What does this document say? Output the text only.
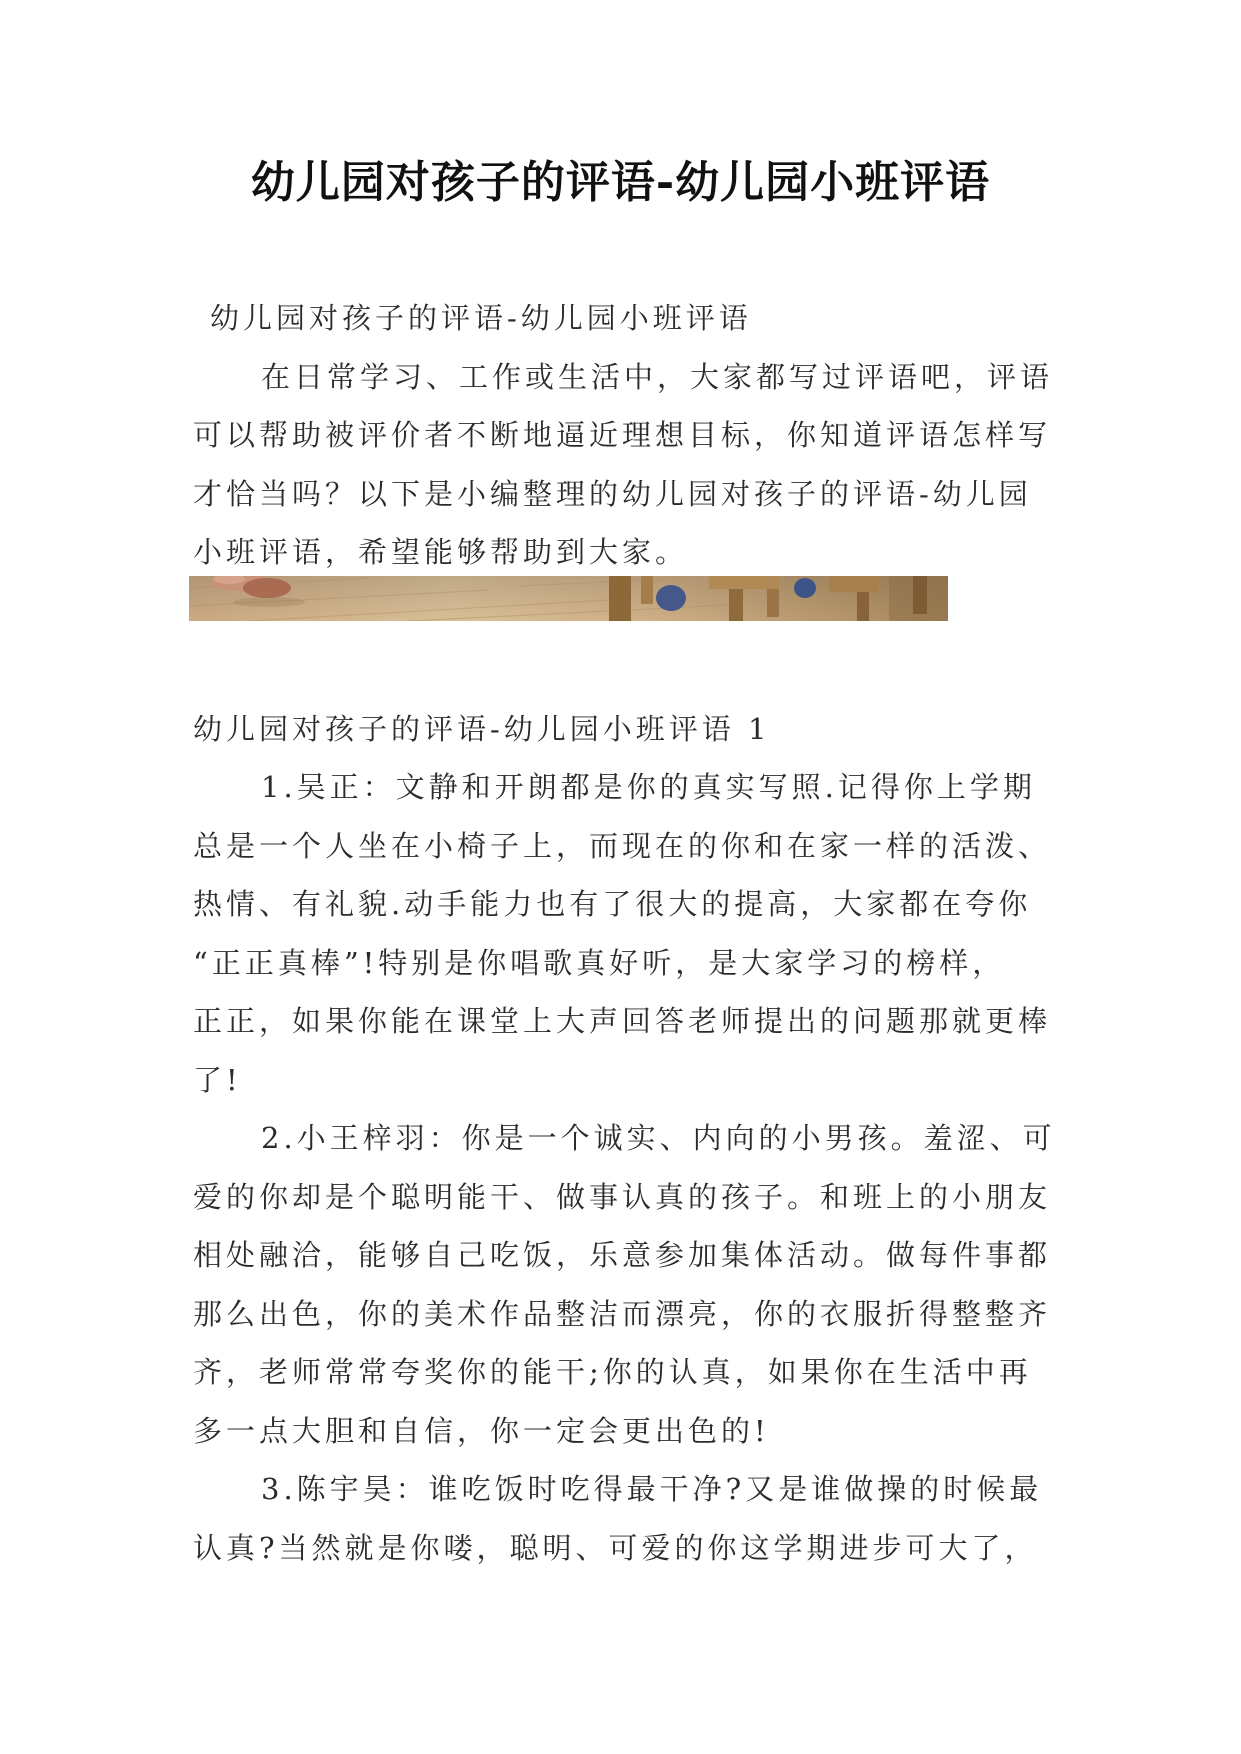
幼儿园对孩子的评语-幼儿园小班评语
幼儿园对孩子的评语-幼儿园小班评语
在日常学习、工作或生活中，大家都写过评语吧，评语
可以帮助被评价者不断地逼近理想目标，你知道评语怎样写
才恰当吗？以下是小编整理的幼儿园对孩子的评语-幼儿园
小班评语，希望能够帮助到大家。
幼儿园对孩子的评语-幼儿园小班评语 1
1.吴正：文静和开朗都是你的真实写照.记得你上学期
总是一个人坐在小椅子上，而现在的你和在家一样的活泼、
热情、有礼貌.动手能力也有了很大的提高，大家都在夸你
“正正真棒”!特别是你唱歌真好听，是大家学习的榜样，
正正，如果你能在课堂上大声回答老师提出的问题那就更棒
了!
2.小王梓羽：你是一个诚实、内向的小男孩。羞涩、可
爱的你却是个聪明能干、做事认真的孩子。和班上的小朋友
相处融洽，能够自己吃饭，乐意参加集体活动。做每件事都
那么出色，你的美术作品整洁而漂亮，你的衣服折得整整齐
齐，老师常常夸奖你的能干;你的认真，如果你在生活中再
多一点大胆和自信，你一定会更出色的!
3.陈宇昊：谁吃饭时吃得最干净?又是谁做操的时候最
认真?当然就是你喽，聪明、可爱的你这学期进步可大了，
